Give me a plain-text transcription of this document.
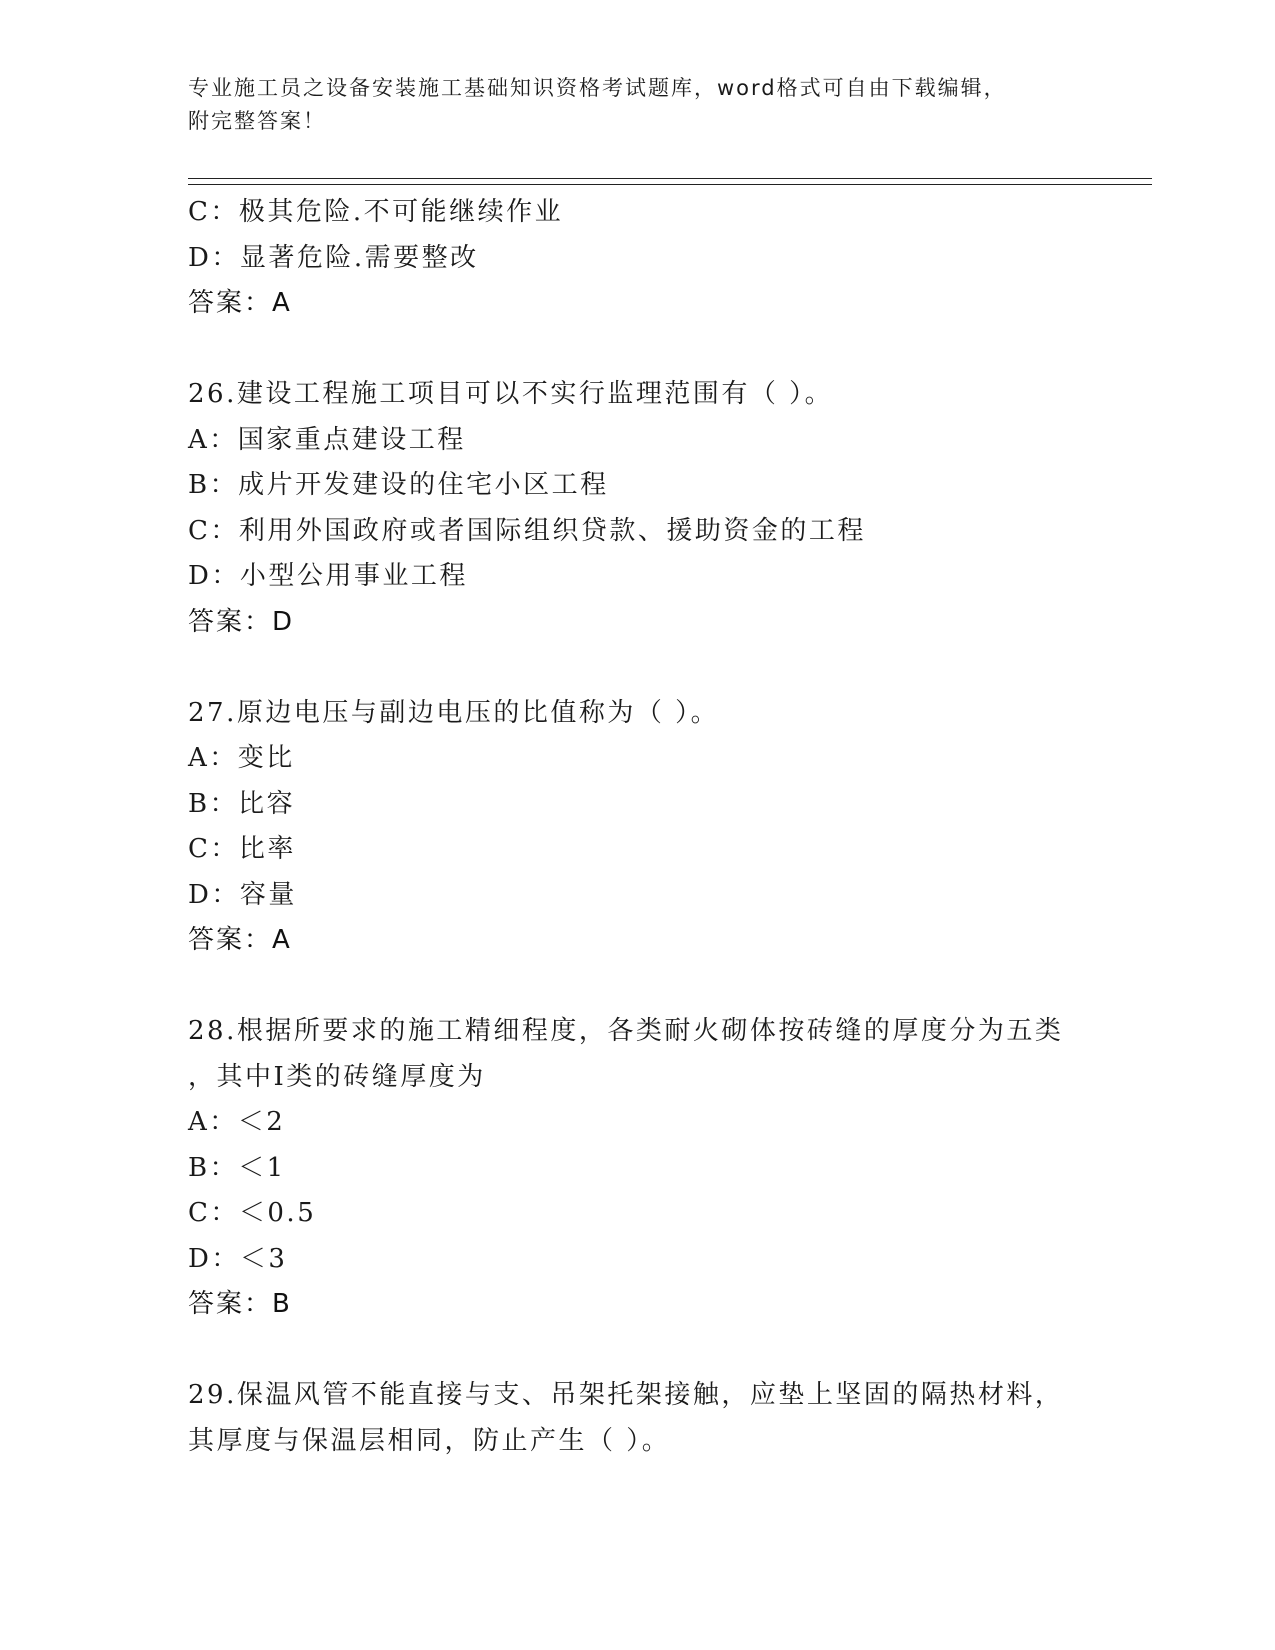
专业施工员之设备安装施工基础知识资格考试题库，word格式可自由下载编辑，
附完整答案！
C：极其危险.不可能继续作业
D：显著危险.需要整改
答案：A
26.建设工程施工项目可以不实行监理范围有（ ）。
A：国家重点建设工程
B：成片开发建设的住宅小区工程
C：利用外国政府或者国际组织贷款、援助资金的工程
D：小型公用事业工程
答案：D
27.原边电压与副边电压的比值称为（ ）。
A：变比
B：比容
C：比率
D：容量
答案：A
28.根据所要求的施工精细程度，各类耐火砌体按砖缝的厚度分为五类
，其中Ⅰ类的砖缝厚度为
A：＜2
B：＜1
C：＜0.5
D：＜3
答案：B
29.保温风管不能直接与支、吊架托架接触，应垫上坚固的隔热材料，
其厚度与保温层相同，防止产生（ ）。
